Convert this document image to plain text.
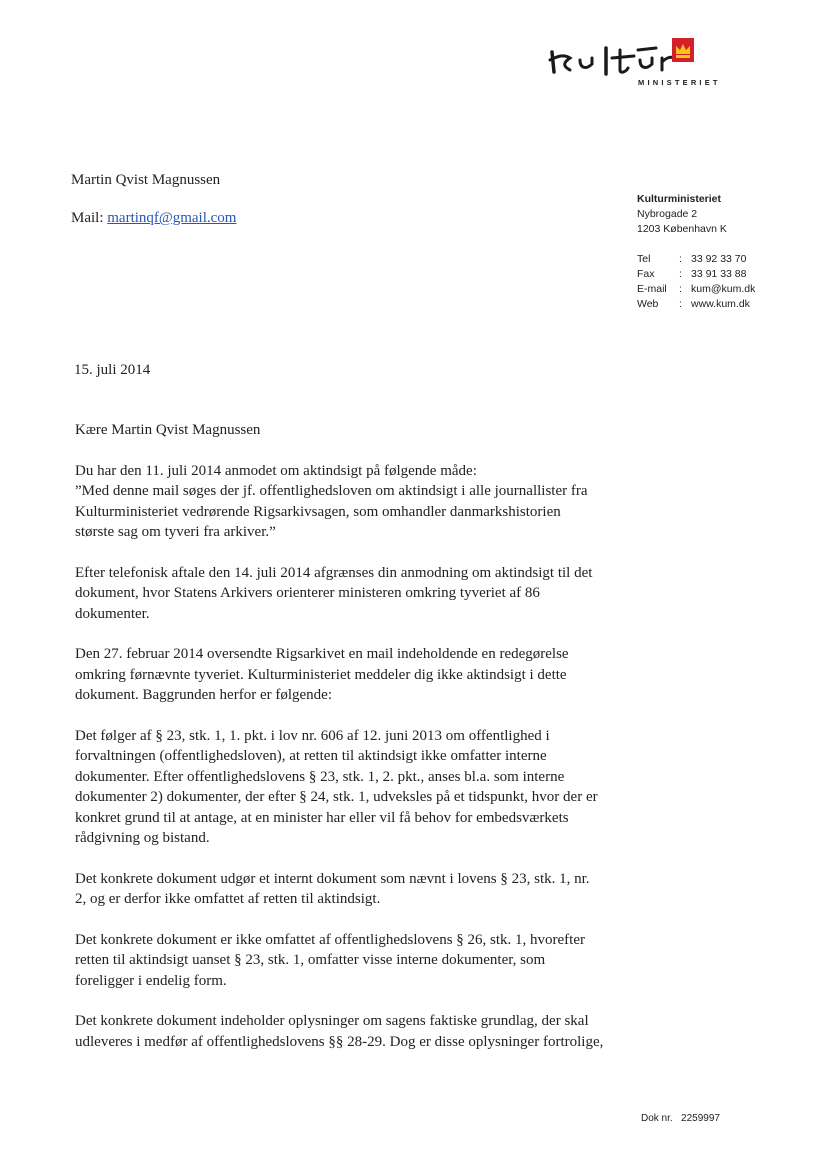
MINISTERIET
Martin Qvist Magnussen
Mail: martinqf@gmail.com
Kulturministeriet
Nybrogade 2
1203 København K
Tel	: 33 92 33 70
Fax	: 33 91 33 88
E-mail	: kum@kum.dk
Web	: www.kum.dk
15. juli 2014

Kære Martin Qvist Magnussen

Du har den 11. juli 2014 anmodet om aktindsigt på følgende måde:
”Med denne mail søges der jf. offentlighedsloven om aktindsigt i alle journallister fra
Kulturministeriet vedrørende Rigsarkivsagen, som omhandler danmarkshistorien
største sag om tyveri fra arkiver.”

Efter telefonisk aftale den 14. juli 2014 afgrænses din anmodning om aktindsigt til det
dokument, hvor Statens Arkivers orienterer ministeren omkring tyveriet af 86
dokumenter.

Den 27. februar 2014 oversendte Rigsarkivet en mail indeholdende en redegørelse
omkring førnævnte tyveriet. Kulturministeriet meddeler dig ikke aktindsigt i dette
dokument. Baggrunden herfor er følgende:

Det følger af § 23, stk. 1, 1. pkt. i lov nr. 606 af 12. juni 2013 om offentlighed i
forvaltningen (offentlighedsloven), at retten til aktindsigt ikke omfatter interne
dokumenter. Efter offentlighedslovens § 23, stk. 1, 2. pkt., anses bl.a. som interne
dokumenter 2) dokumenter, der efter § 24, stk. 1, udveksles på et tidspunkt, hvor der er
konkret grund til at antage, at en minister har eller vil få behov for embedsværkets
rådgivning og bistand.

Det konkrete dokument udgør et internt dokument som nævnt i lovens § 23, stk. 1, nr.
2, og er derfor ikke omfattet af retten til aktindsigt.

Det konkrete dokument er ikke omfattet af offentlighedslovens § 26, stk. 1, hvorefter
retten til aktindsigt uanset § 23, stk. 1, omfatter visse interne dokumenter, som
foreligger i endelig form.

Det konkrete dokument indeholder oplysninger om sagens faktiske grundlag, der skal
udleveres i medfør af offentlighedslovens §§ 28-29. Dog er disse oplysninger fortrolige,

Dok nr. 2259997
